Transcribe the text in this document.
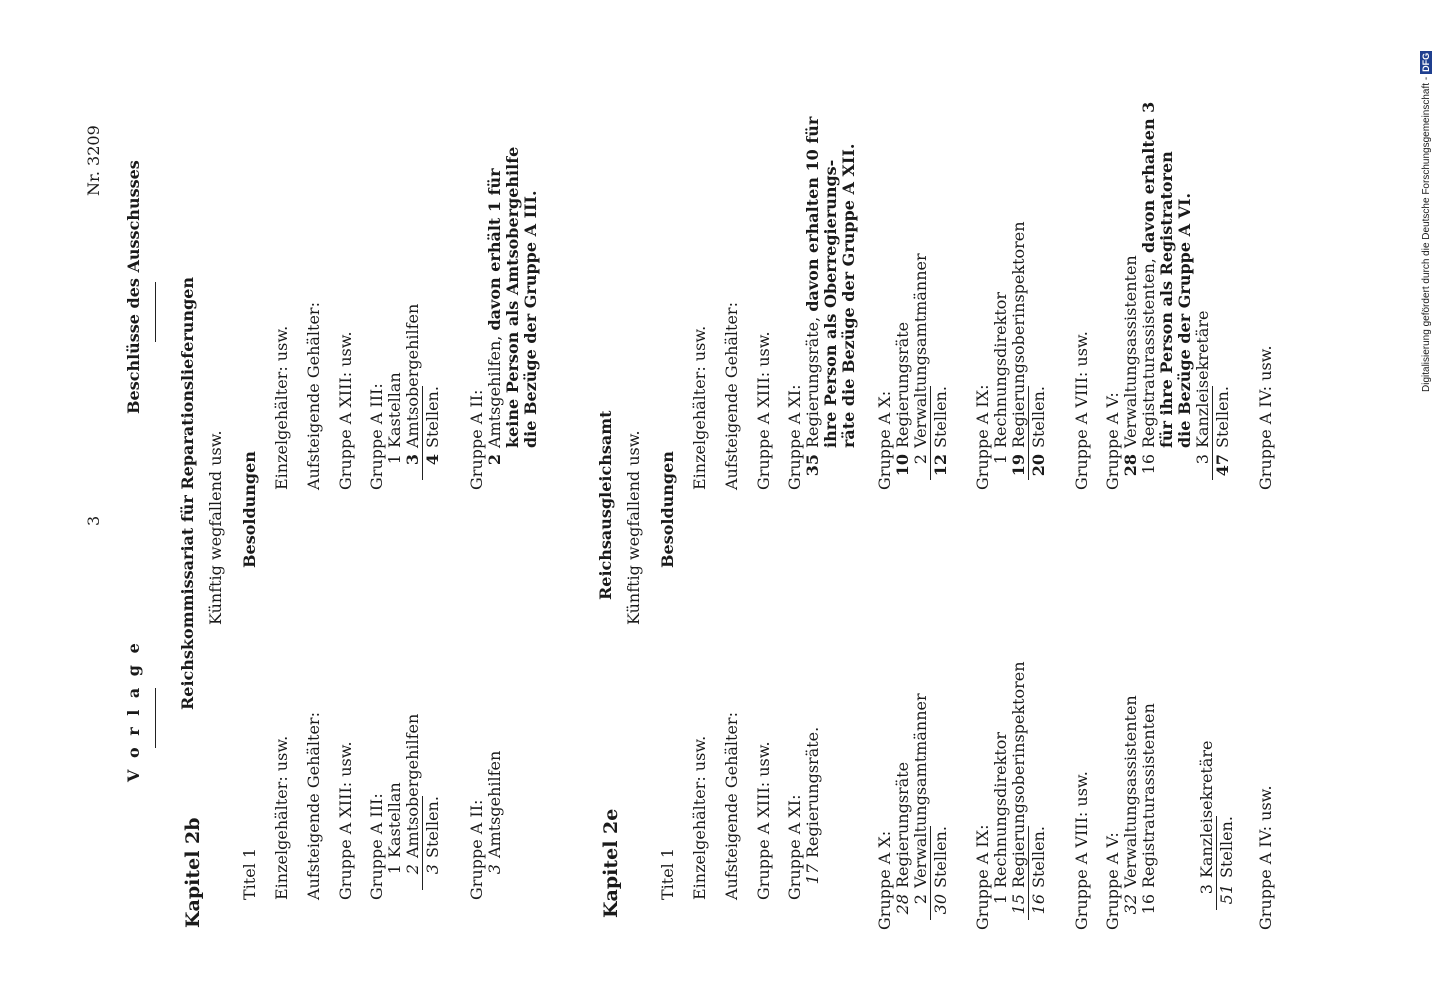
3
Nr. 3209
V o r l a g e
Beschlüsse des Ausschusses
Kapitel 2b Titel 1 Einzelgehälter: usw. Aufsteigende Gehälter: Gruppe A XIII: usw. Gruppe A III: 1Kastellan
2Amtsobergehilfen
3Stellen. Gruppe A II: 3Amtsgehilfen
Kapitel 2e Titel 1 Einzelgehälter: usw. Aufsteigende Gehälter: Gruppe A XIII: usw. Gruppe A XI: 17Regierungsräte.
Gruppe A X: 28Regierungsräte
2Verwaltungsamtmänner
30Stellen. Gruppe A IX: 1Rechnungsdirektor
15Regierungsoberinspektoren
16Stellen. Gruppe A VIII: usw. Gruppe A V: 32Verwaltungsassistenten
16Registraturassistenten
3Kanzleisekretäre
51Stellen. Gruppe A IV: usw.
Reichskommissariat für Reparationslieferungen Künftig wegfallend usw. Besoldungen
Einzelgehälter: usw. Aufsteigende Gehälter: Gruppe A XIII: usw. Gruppe A III: 1Kastellan
3Amtsobergehilfen
4Stellen. Gruppe A II: 2Amtsgehilfen, davon erhält 1 für keine Person als Amtsobergehilfe die Bezüge der Gruppe A III.
Reichsausgleichsamt Künftig wegfallend usw. Besoldungen
Einzelgehälter: usw. Aufsteigende Gehälter: Gruppe A XIII: usw. Gruppe A XI: 35Regierungsräte, davon erhalten 10 für ihre Person als Oberregierungs- räte die Bezüge der Gruppe A XII. Gruppe A X: 10Regierungsräte
2Verwaltungsamtmänner
12Stellen. Gruppe A IX: 1Rechnungsdirektor
19Regierungsoberinspektoren
20Stellen. Gruppe A VIII: usw. Gruppe A V: 28Verwaltungsassistenten
16Registraturassistenten, davon erhalten 3 für ihre Person als Registratoren die Bezüge der Gruppe A VI.
3Kanzleisekretäre
47Stellen. Gruppe A IV: usw.
Digitalisierung gefördert durch die Deutsche Forschungsgemeinschaft -DFG
